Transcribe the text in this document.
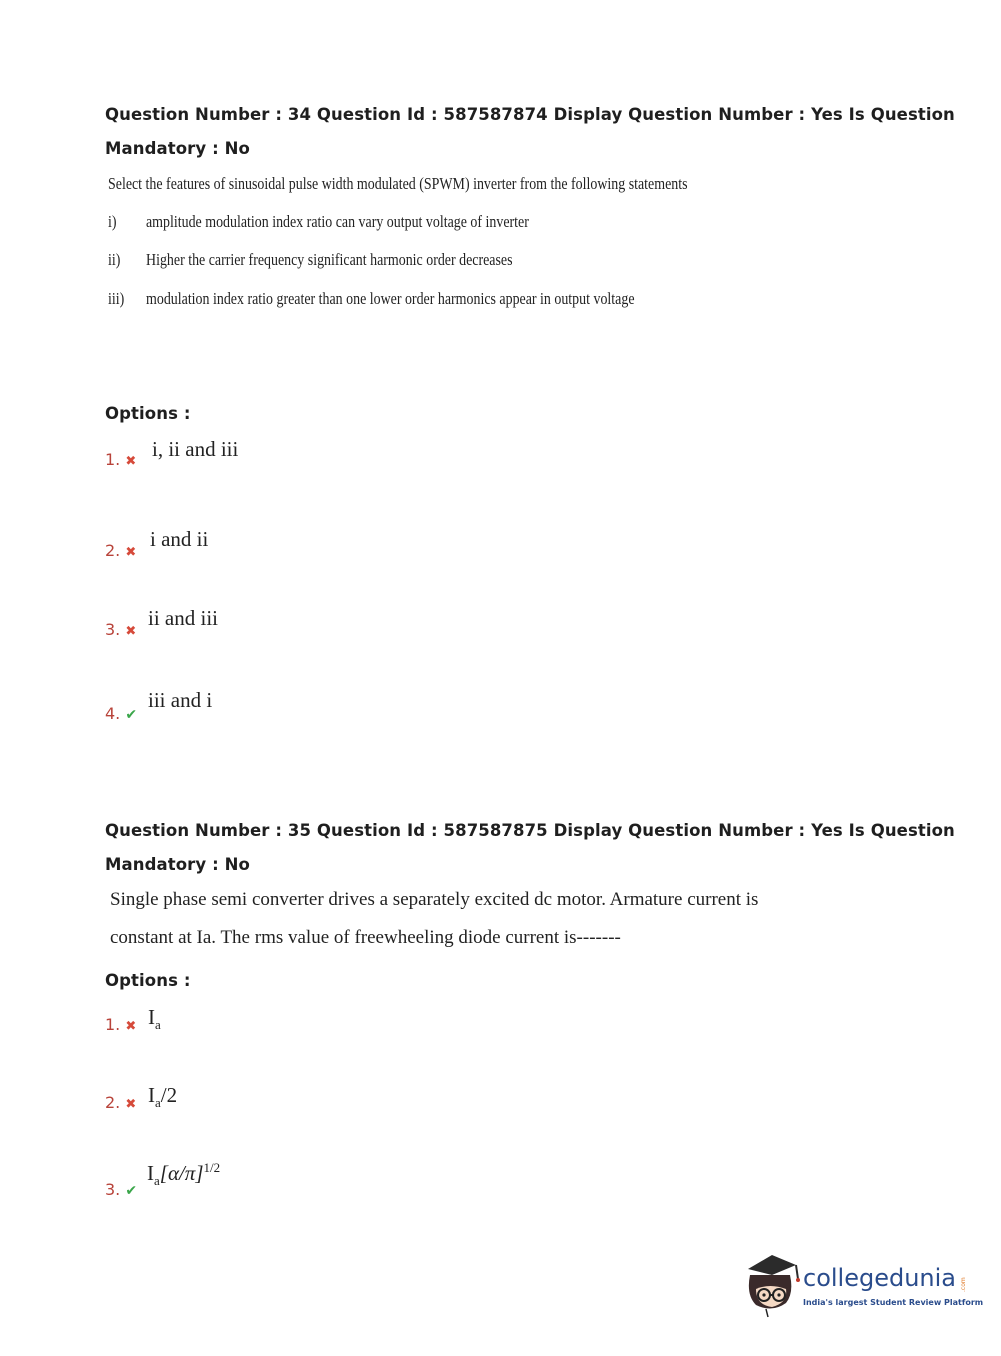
Question Number : 34 Question Id : 587587874 Display Question Number : Yes Is Question
Mandatory : No
Select the features of sinusoidal pulse width modulated (SPWM) inverter from the following statements
i) amplitude modulation index ratio can vary output voltage of inverter
ii) Higher the carrier frequency significant harmonic order decreases
iii) modulation index ratio greater than one lower order harmonics appear in output voltage
Options :
1. ✖
i, ii and iii
2. ✖
i and ii
3. ✖
ii and iii
4. ✔
iii and i
Question Number : 35 Question Id : 587587875 Display Question Number : Yes Is Question
Mandatory : No
Single phase semi converter drives a separately excited dc motor. Armature current is
constant at Ia. The rms value of freewheeling diode current is-------
Options :
1. ✖ $I_a$
2. ✖ $I_a/2$
3. ✔
$I_a[\alpha/\pi]^{1/2}$
collegedunia .com
India's largest Student Review Platform
